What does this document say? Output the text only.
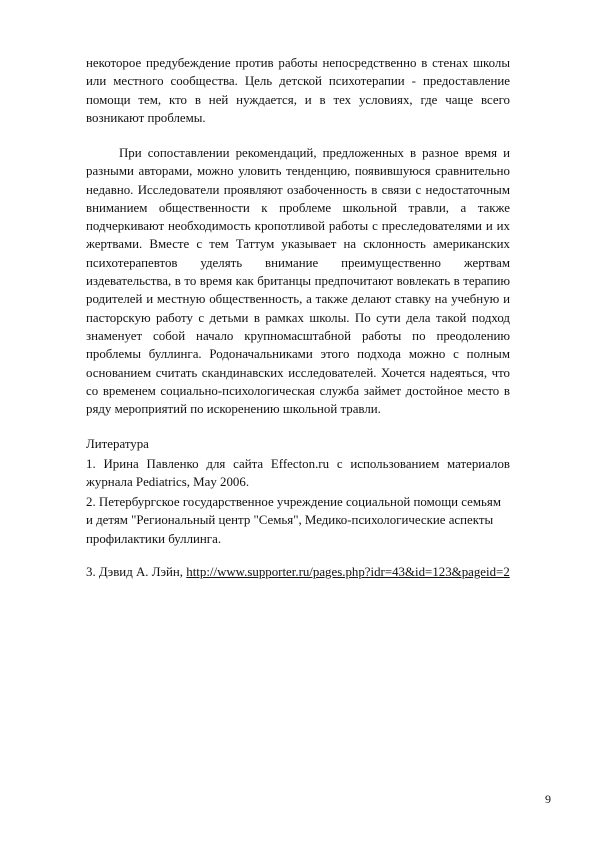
некоторое предубеждение против работы непосредственно в стенах школы или местного сообщества. Цель детской психотерапии - предоставление помощи тем, кто в ней нуждается, и в тех условиях, где чаще всего возникают проблемы.

При сопоставлении рекомендаций, предложенных в разное время и разными авторами, можно уловить тенденцию, появившуюся сравнительно недавно. Исследователи проявляют озабоченность в связи с недостаточным вниманием общественности к проблеме школьной травли, а также подчеркивают необходимость кропотливой работы с преследователями и их жертвами. Вместе с тем Таттум указывает на склонность американских психотерапевтов уделять внимание преимущественно жертвам издевательства, в то время как британцы предпочитают вовлекать в терапию родителей и местную общественность, а также делают ставку на учебную и пасторскую работу с детьми в рамках школы. По сути дела такой подход знаменует собой начало крупномасштабной работы по преодолению проблемы буллинга. Родоначальниками этого подхода можно с полным основанием считать скандинавских исследователей. Хочется надеяться, что со временем социально-психологическая служба займет достойное место в ряду мероприятий по искоренению школьной травли.

Литература

1. Ирина Павленко для сайта Effecton.ru с использованием материалов журнала Pediatrics, May 2006.

2. Петербургское государственное учреждение социальной помощи семьям и детям "Региональный центр "Семья", Медико-психологические аспекты профилактики буллинга.

3. Дэвид А. Лэйн, http://www.supporter.ru/pages.php?idr=43&id=123&pageid=2

9
